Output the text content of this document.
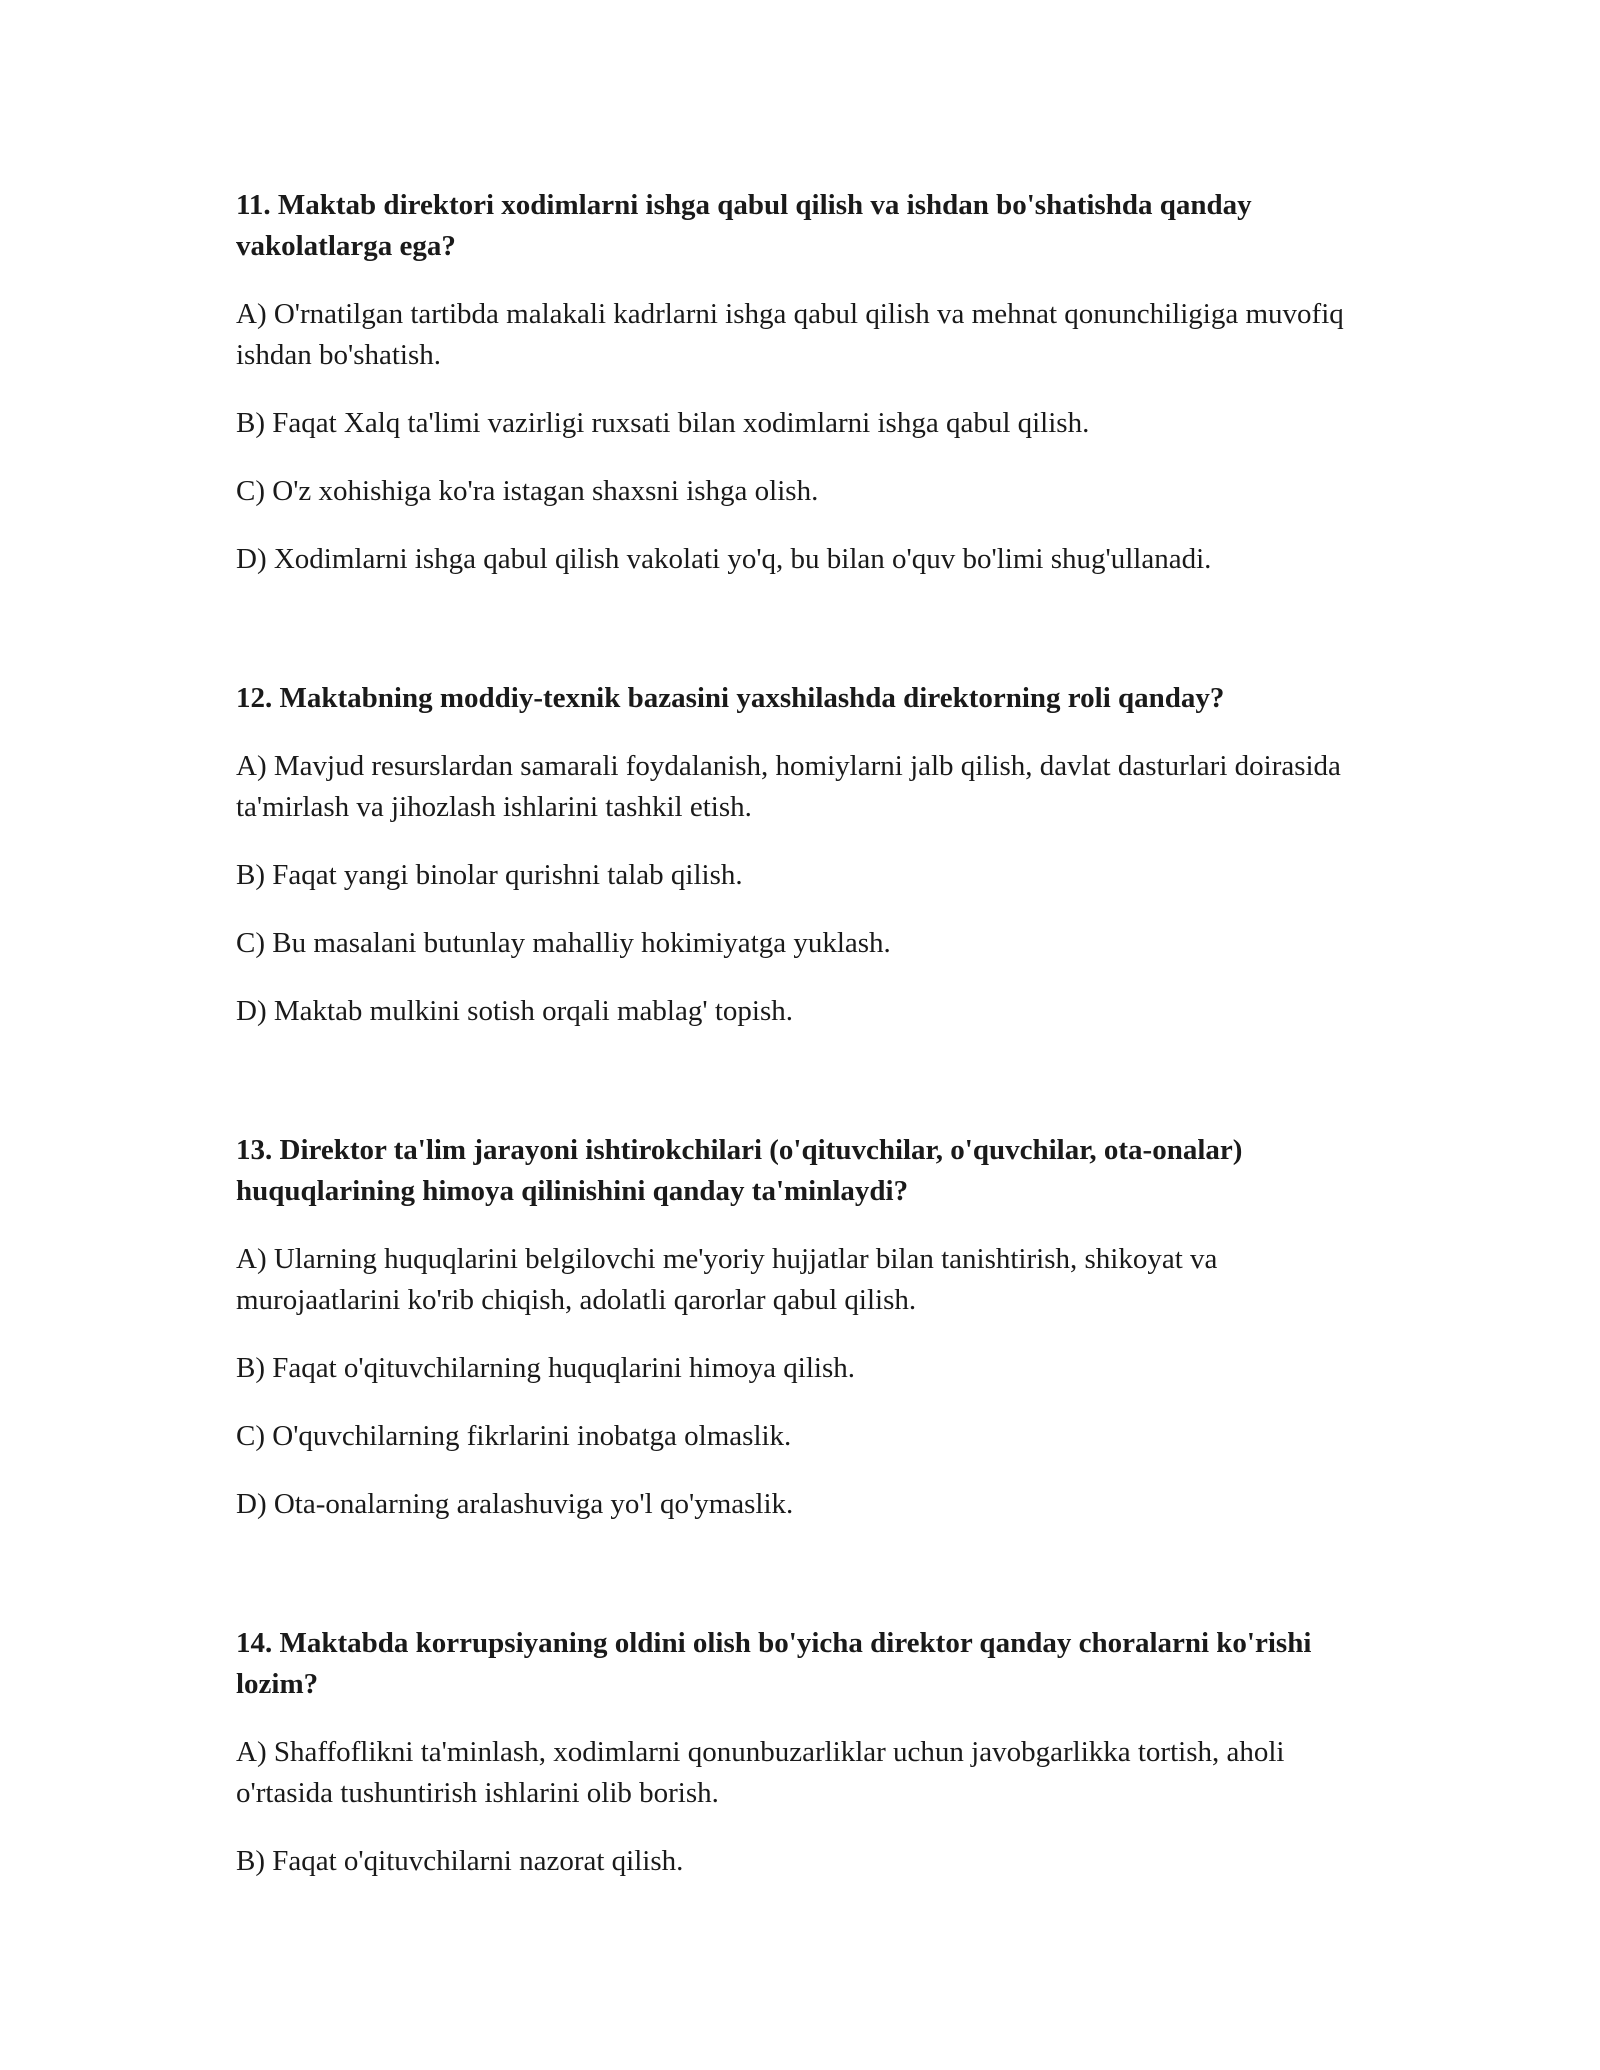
11. Maktab direktori xodimlarni ishga qabul qilish va ishdan bo'shatishda qanday vakolatlarga ega?
A) O'rnatilgan tartibda malakali kadrlarni ishga qabul qilish va mehnat qonunchiligiga muvofiq ishdan bo'shatish.
B) Faqat Xalq ta'limi vazirligi ruxsati bilan xodimlarni ishga qabul qilish.
C) O'z xohishiga ko'ra istagan shaxsni ishga olish.
D) Xodimlarni ishga qabul qilish vakolati yo'q, bu bilan o'quv bo'limi shug'ullanadi.
12. Maktabning moddiy-texnik bazasini yaxshilashda direktorning roli qanday?
A) Mavjud resurslardan samarali foydalanish, homiylarni jalb qilish, davlat dasturlari doirasida ta'mirlash va jihozlash ishlarini tashkil etish.
B) Faqat yangi binolar qurishni talab qilish.
C) Bu masalani butunlay mahalliy hokimiyatga yuklash.
D) Maktab mulkini sotish orqali mablag' topish.
13. Direktor ta'lim jarayoni ishtirokchilari (o'qituvchilar, o'quvchilar, ota-onalar) huquqlarining himoya qilinishini qanday ta'minlaydi?
A) Ularning huquqlarini belgilovchi me'yoriy hujjatlar bilan tanishtirish, shikoyat va murojaatlarini ko'rib chiqish, adolatli qarorlar qabul qilish.
B) Faqat o'qituvchilarning huquqlarini himoya qilish.
C) O'quvchilarning fikrlarini inobatga olmaslik.
D) Ota-onalarning aralashuviga yo'l qo'ymaslik.
14. Maktabda korrupsiyaning oldini olish bo'yicha direktor qanday choralarni ko'rishi lozim?
A) Shaffoflikni ta'minlash, xodimlarni qonunbuzarliklar uchun javobgarlikka tortish, aholi o'rtasida tushuntirish ishlarini olib borish.
B) Faqat o'qituvchilarni nazorat qilish.
